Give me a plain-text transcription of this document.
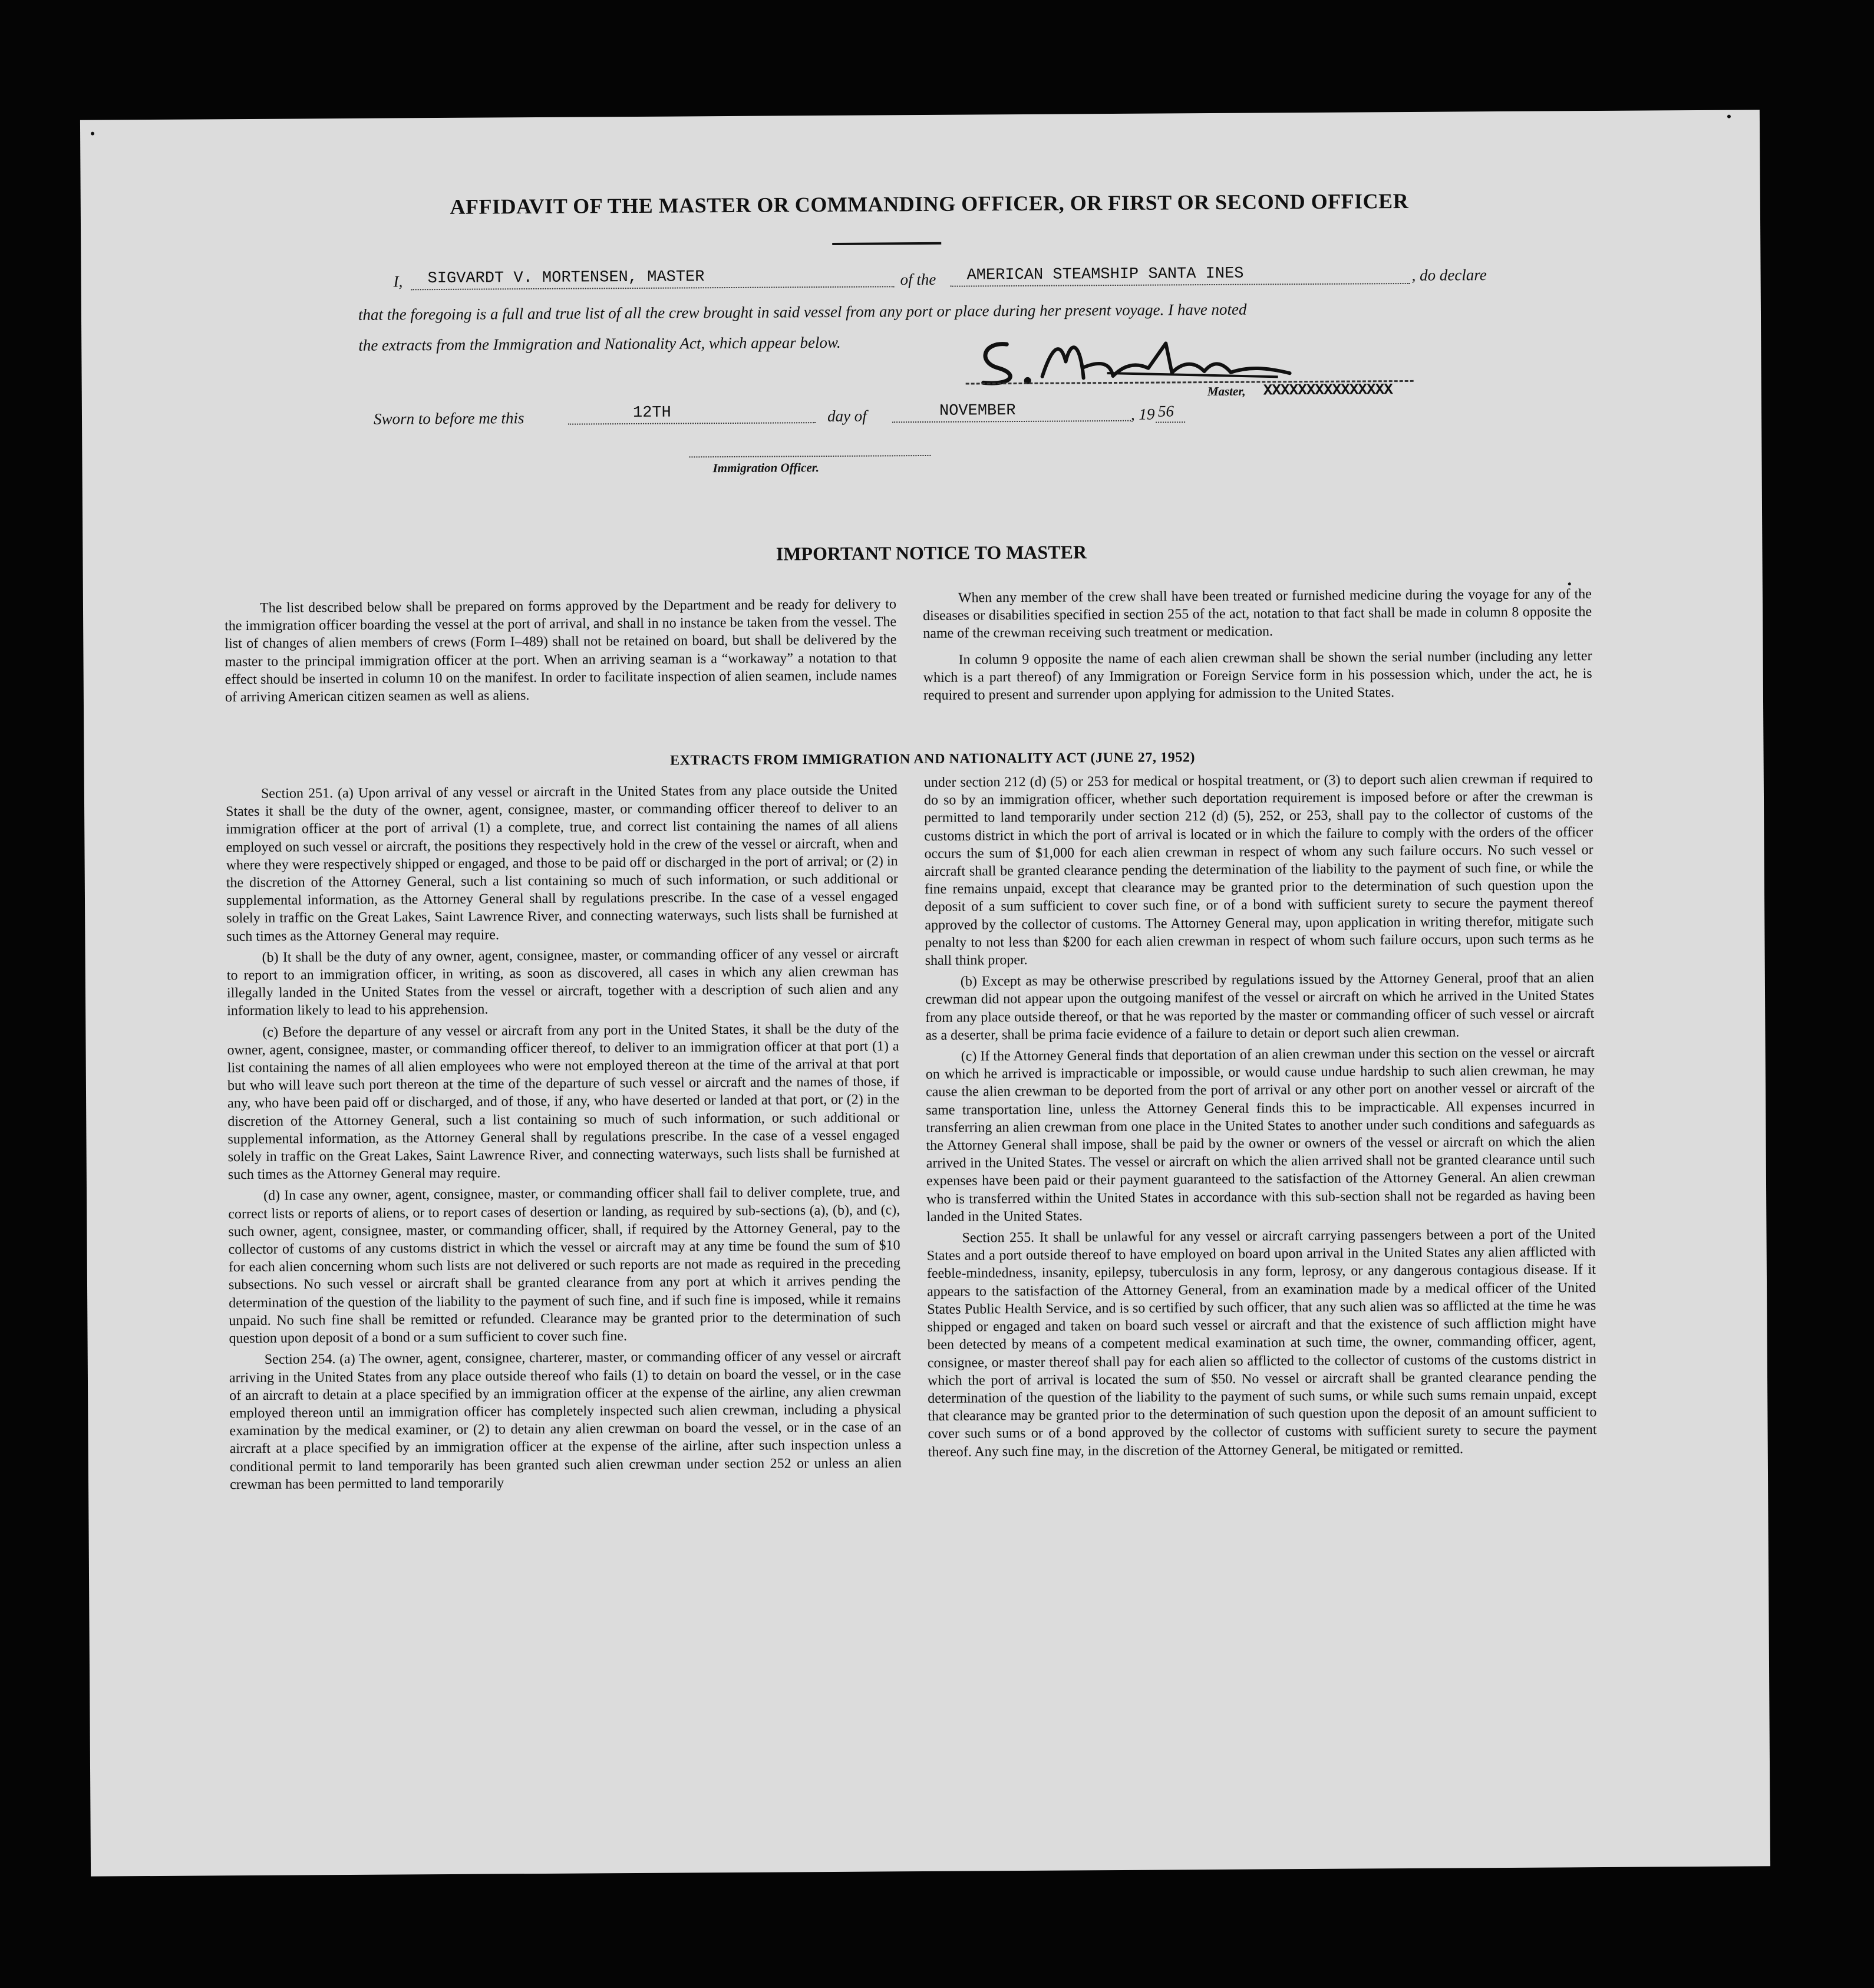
AFFIDAVIT OF THE MASTER OR COMMANDING OFFICER, OR FIRST OR SECOND OFFICER
I,	SIGVARDT V. MORTENSEN, MASTER	of the	AMERICAN STEAMSHIP SANTA INES	, do declare
that the foregoing is a full and true list of all the crew brought in said vessel from any port or place during her present voyage. I have noted
the extracts from the Immigration and Nationality Act, which appear below.
Master, XXXXXXXXXXXXXXX
Sworn to before me this	12TH	day of	NOVEMBER	, 19 56
Immigration Officer.
IMPORTANT NOTICE TO MASTER

The list described below shall be prepared on forms approved by the Department and be ready for delivery to the immigration officer boarding the vessel at the port of arrival, and shall in no instance be taken from the vessel. The list of changes of alien members of crews (Form I–489) shall not be retained on board, but shall be delivered by the master to the principal immigration officer at the port. When an arriving seaman is a “workaway” a notation to that effect should be inserted in column 10 on the manifest. In order to facilitate inspection of alien seamen, include names of arriving American citizen seamen as well as aliens.

When any member of the crew shall have been treated or furnished medicine during the voyage for any of the diseases or disabilities specified in section 255 of the act, notation to that fact shall be made in column 8 opposite the name of the crewman receiving such treatment or medication.

In column 9 opposite the name of each alien crewman shall be shown the serial number (including any letter which is a part thereof) of any Immigration or Foreign Service form in his possession which, under the act, he is required to present and surrender upon applying for admission to the United States.

EXTRACTS FROM IMMIGRATION AND NATIONALITY ACT (JUNE 27, 1952)

Section 251. (a) Upon arrival of any vessel or aircraft in the United States from any place outside the United States it shall be the duty of the owner, agent, consignee, master, or commanding officer thereof to deliver to an immigration officer at the port of arrival (1) a complete, true, and correct list containing the names of all aliens employed on such vessel or aircraft, the positions they respectively hold in the crew of the vessel or aircraft, when and where they were respectively shipped or engaged, and those to be paid off or discharged in the port of arrival; or (2) in the discretion of the Attorney General, such a list containing so much of such information, or such additional or supplemental information, as the Attorney General shall by regulations prescribe. In the case of a vessel engaged solely in traffic on the Great Lakes, Saint Lawrence River, and connecting waterways, such lists shall be furnished at such times as the Attorney General may require.

(b) It shall be the duty of any owner, agent, consignee, master, or commanding officer of any vessel or aircraft to report to an immigration officer, in writing, as soon as discovered, all cases in which any alien crewman has illegally landed in the United States from the vessel or aircraft, together with a description of such alien and any information likely to lead to his apprehension.

(c) Before the departure of any vessel or aircraft from any port in the United States, it shall be the duty of the owner, agent, consignee, master, or commanding officer thereof, to deliver to an immigration officer at that port (1) a list containing the names of all alien employees who were not employed thereon at the time of the arrival at that port but who will leave such port thereon at the time of the departure of such vessel or aircraft and the names of those, if any, who have been paid off or discharged, and of those, if any, who have deserted or landed at that port, or (2) in the discretion of the Attorney General, such a list containing so much of such information, or such additional or supplemental information, as the Attorney General shall by regulations prescribe. In the case of a vessel engaged solely in traffic on the Great Lakes, Saint Lawrence River, and connecting waterways, such lists shall be furnished at such times as the Attorney General may require.

(d) In case any owner, agent, consignee, master, or commanding officer shall fail to deliver complete, true, and correct lists or reports of aliens, or to report cases of desertion or landing, as required by sub-sections (a), (b), and (c), such owner, agent, consignee, master, or commanding officer, shall, if required by the Attorney General, pay to the collector of customs of any customs district in which the vessel or aircraft may at any time be found the sum of $10 for each alien concerning whom such lists are not delivered or such reports are not made as required in the preceding subsections. No such vessel or aircraft shall be granted clearance from any port at which it arrives pending the determination of the question of the liability to the payment of such fine, and if such fine is imposed, while it remains unpaid. No such fine shall be remitted or refunded. Clearance may be granted prior to the determination of such question upon deposit of a bond or a sum sufficient to cover such fine.

Section 254. (a) The owner, agent, consignee, charterer, master, or commanding officer of any vessel or aircraft arriving in the United States from any place outside thereof who fails (1) to detain on board the vessel, or in the case of an aircraft to detain at a place specified by an immigration officer at the expense of the airline, any alien crewman employed thereon until an immigration officer has completely inspected such alien crewman, including a physical examination by the medical examiner, or (2) to detain any alien crewman on board the vessel, or in the case of an aircraft at a place specified by an immigration officer at the expense of the airline, after such inspection unless a conditional permit to land temporarily has been granted such alien crewman under section 252 or unless an alien crewman has been permitted to land temporarily

under section 212 (d) (5) or 253 for medical or hospital treatment, or (3) to deport such alien crewman if required to do so by an immigration officer, whether such deportation requirement is imposed before or after the crewman is permitted to land temporarily under section 212 (d) (5), 252, or 253, shall pay to the collector of customs of the customs district in which the port of arrival is located or in which the failure to comply with the orders of the officer occurs the sum of $1,000 for each alien crewman in respect of whom any such failure occurs. No such vessel or aircraft shall be granted clearance pending the determination of the liability to the payment of such fine, or while the fine remains unpaid, except that clearance may be granted prior to the determination of such question upon the deposit of a sum sufficient to cover such fine, or of a bond with sufficient surety to secure the payment thereof approved by the collector of customs. The Attorney General may, upon application in writing therefor, mitigate such penalty to not less than $200 for each alien crewman in respect of whom such failure occurs, upon such terms as he shall think proper.

(b) Except as may be otherwise prescribed by regulations issued by the Attorney General, proof that an alien crewman did not appear upon the outgoing manifest of the vessel or aircraft on which he arrived in the United States from any place outside thereof, or that he was reported by the master or commanding officer of such vessel or aircraft as a deserter, shall be prima facie evidence of a failure to detain or deport such alien crewman.

(c) If the Attorney General finds that deportation of an alien crewman under this section on the vessel or aircraft on which he arrived is impracticable or impossible, or would cause undue hardship to such alien crewman, he may cause the alien crewman to be deported from the port of arrival or any other port on another vessel or aircraft of the same transportation line, unless the Attorney General finds this to be impracticable. All expenses incurred in transferring an alien crewman from one place in the United States to another under such conditions and safeguards as the Attorney General shall impose, shall be paid by the owner or owners of the vessel or aircraft on which the alien arrived in the United States. The vessel or aircraft on which the alien arrived shall not be granted clearance until such expenses have been paid or their payment guaranteed to the satisfaction of the Attorney General. An alien crewman who is transferred within the United States in accordance with this sub-section shall not be regarded as having been landed in the United States.

Section 255. It shall be unlawful for any vessel or aircraft carrying passengers between a port of the United States and a port outside thereof to have employed on board upon arrival in the United States any alien afflicted with feeble-mindedness, insanity, epilepsy, tuberculosis in any form, leprosy, or any dangerous contagious disease. If it appears to the satisfaction of the Attorney General, from an examination made by a medical officer of the United States Public Health Service, and is so certified by such officer, that any such alien was so afflicted at the time he was shipped or engaged and taken on board such vessel or aircraft and that the existence of such affliction might have been detected by means of a competent medical examination at such time, the owner, commanding officer, agent, consignee, or master thereof shall pay for each alien so afflicted to the collector of customs of the customs district in which the port of arrival is located the sum of $50. No vessel or aircraft shall be granted clearance pending the determination of the question of the liability to the payment of such sums, or while such sums remain unpaid, except that clearance may be granted prior to the determination of such question upon the deposit of an amount sufficient to cover such sums or of a bond approved by the collector of customs with sufficient surety to secure the payment thereof. Any such fine may, in the discretion of the Attorney General, be mitigated or remitted.
